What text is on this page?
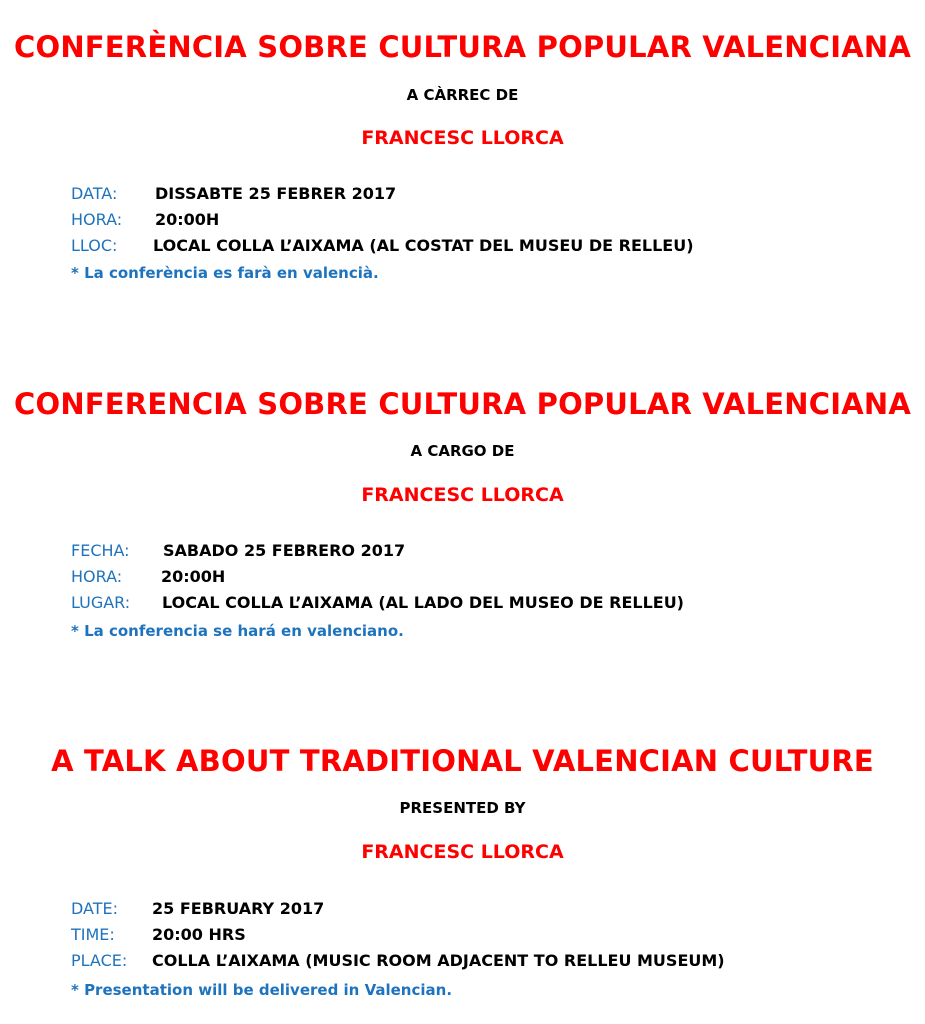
CONFERÈNCIA SOBRE CULTURA POPULAR VALENCIANA
A CÀRREC DE
FRANCESC LLORCA
DATA: DISSABTE 25 FEBRER 2017
HORA: 20:00H
LLOC: LOCAL COLLA L’AIXAMA (AL COSTAT DEL MUSEU DE RELLEU)
* La conferència es farà en valencià.
CONFERENCIA SOBRE CULTURA POPULAR VALENCIANA
A CARGO DE
FRANCESC LLORCA
FECHA: SABADO 25 FEBRERO 2017
HORA: 20:00H
LUGAR: LOCAL COLLA L’AIXAMA (AL LADO DEL MUSEO DE RELLEU)
* La conferencia se hará en valenciano.
A TALK ABOUT TRADITIONAL VALENCIAN CULTURE
PRESENTED BY
FRANCESC LLORCA
DATE: 25 FEBRUARY 2017
TIME: 20:00 HRS
PLACE: COLLA L’AIXAMA (MUSIC ROOM ADJACENT TO RELLEU MUSEUM)
* Presentation will be delivered in Valencian.
